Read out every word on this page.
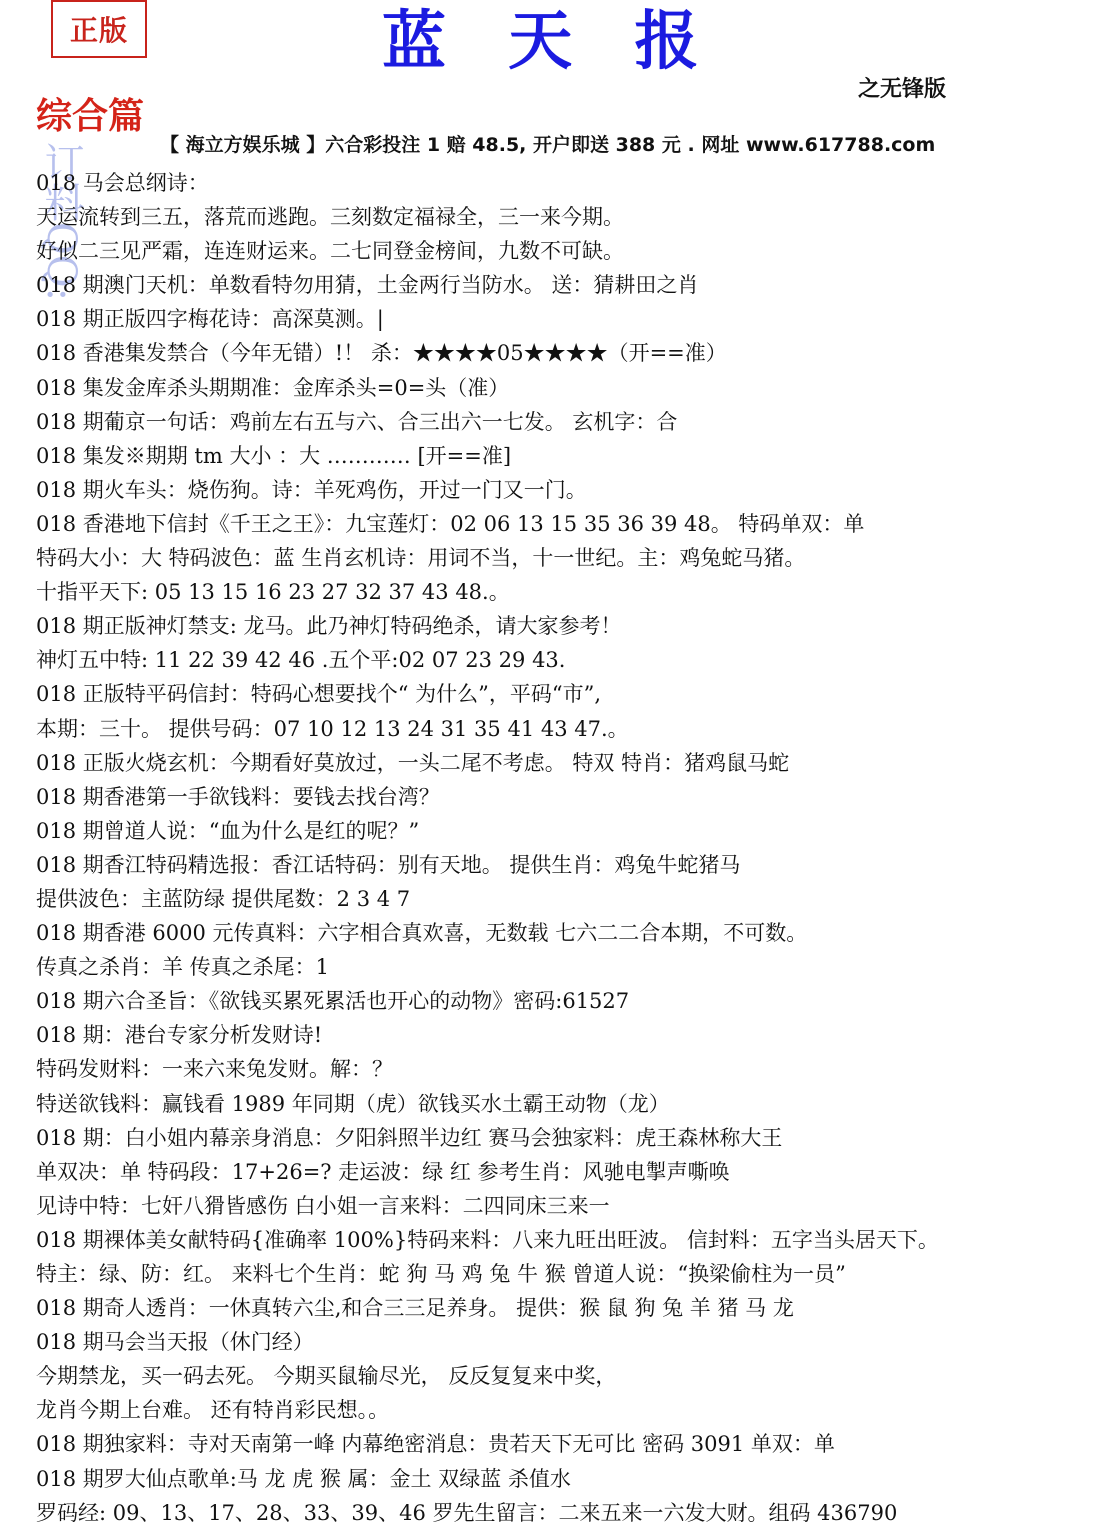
正版	蓝 天 报
之无锋版
综合篇
订料QQ:	【 海立方娱乐城 】六合彩投注 1 赔 48.5, 开户即送 388 元 . 网址 www.617788.com
018 马会总纲诗：
天运流转到三五，落荒而逃跑。三刻数定福禄全，三一来今期。
好似二三见严霜，连连财运来。二七同登金榜间，九数不可缺。
018 期澳门天机：单数看特勿用猜，土金两行当防水。 送：猜耕田之肖
018 期正版四字梅花诗：高深莫测。|
018 香港集发禁合（今年无错）!！ 杀：★★★★05★★★★（开==准）
018 集发金库杀头期期准：金库杀头=0=头（准）
018 期葡京一句话：鸡前左右五与六、合三出六一七发。 玄机字：合
018 集发※期期 tm 大小 ：大 ………… [开==准]
018 期火车头：烧伤狗。诗：羊死鸡伤，开过一门又一门。
018 香港地下信封《千王之王》：九宝莲灯：02 06 13 15 35 36 39 48。 特码单双：单
特码大小：大 特码波色：蓝 生肖玄机诗：用词不当，十一世纪。主：鸡兔蛇马猪。
十指平天下: 05 13 15 16 23 27 32 37 43 48.。
018 期正版神灯禁支: 龙马。此乃神灯特码绝杀，请大家参考！
神灯五中特: 11 22 39 42 46 .五个平:02 07 23 29 43.
018 正版特平码信封：特码心想要找个“ 为什么”，平码“市”,
本期：三十。 提供号码：07 10 12 13 24 31 35 41 43 47.。
018 正版火烧玄机：今期看好莫放过，一头二尾不考虑。 特双 特肖：猪鸡鼠马蛇
018 期香港第一手欲钱料：要钱去找台湾？
018 期曾道人说：“血为什么是红的呢？”
018 期香江特码精选报：香江话特码：别有天地。 提供生肖：鸡兔牛蛇猪马
提供波色：主蓝防绿 提供尾数：2 3 4 7
018 期香港 6000 元传真料：六字相合真欢喜，无数载 七六二二合本期，不可数。
传真之杀肖：羊 传真之杀尾：1
018 期六合圣旨：《欲钱买累死累活也开心的动物》密码:61527
018 期：港台专家分析发财诗!
特码发财料：一来六来兔发财。解：？
特送欲钱料：赢钱看 1989 年同期（虎）欲钱买水土霸王动物（龙）
018 期：白小姐内幕亲身消息：夕阳斜照半边红 赛马会独家料：虎王森林称大王
单双决：单 特码段：17+26=? 走运波：绿 红 参考生肖：风驰电掣声嘶唤
见诗中特：七奸八猾皆感伤 白小姐一言来料：二四同床三来一
018 期裸体美女献特码{准确率 100%}特码来料：八来九旺出旺波。 信封料：五字当头居天下。
特主：绿、防：红。 来料七个生肖：蛇 狗 马 鸡 兔 牛 猴 曾道人说：“换梁偷柱为一员”
018 期奇人透肖：一休真转六尘,和合三三足养身。 提供：猴 鼠 狗 兔 羊 猪 马 龙
018 期马会当天报（休门经）
今期禁龙，买一码去死。 今期买鼠输尽光， 反反复复来中奖，
龙肖今期上台难。 还有特肖彩民想。。
018 期独家料：寺对天南第一峰 内幕绝密消息：贵若天下无可比 密码 3091 单双：单
018 期罗大仙点歌单:马 龙 虎 猴 属：金土 双绿蓝 杀值水
罗码经: 09、13、17、28、33、39、46 罗先生留言：二来五来一六发大财。组码 436790
